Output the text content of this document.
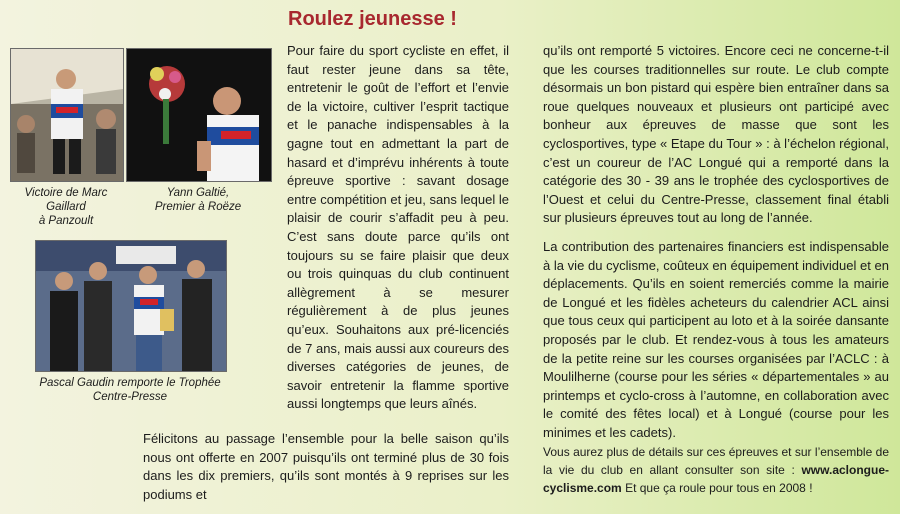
Roulez jeunesse !
Victoire de Marc Gaillard
à Panzoult
Yann Galtié,
Premier à Roëze
Pascal Gaudin remporte le Trophée
Centre-Presse

Pour faire du sport cycliste en effet, il faut rester jeune dans sa tête, entretenir le goût de l’effort et l’envie de la victoire, cultiver l’esprit tactique et le panache indispensables à la gagne tout en admettant la part de hasard et d’imprévu inhérents à toute épreuve sportive : savant dosage entre compétition et jeu, sans lequel le plaisir de courir s’affadit peu à peu. C’est sans doute parce qu’ils ont toujours su se faire plaisir que deux ou trois quinquas du club continuent allègrement à se mesurer régulièrement à de plus jeunes qu’eux. Souhaitons aux pré-licenciés de 7 ans, mais aussi aux coureurs des diverses catégories de jeunes, de savoir entretenir la flamme sportive aussi longtemps que leurs aînés.

Félicitons au passage l’ensemble pour la belle saison qu’ils nous ont offerte en 2007 puisqu’ils ont terminé plus de 30 fois dans les dix premiers, qu’ils sont montés à 9 reprises sur les podiums et

qu’ils ont remporté 5 victoires. Encore ceci ne concerne-t-il que les courses traditionnelles sur route. Le club compte désormais un bon pistard qui espère bien entraîner dans sa roue quelques nouveaux et plusieurs ont participé avec bonheur aux épreuves de masse que sont les cyclosportives, type « Etape du Tour » : à l’échelon régional, c’est un coureur de l’AC Longué qui a remporté dans la catégorie des 30 - 39 ans le trophée des cyclosportives de l’Ouest et celui du Centre-Presse, classement final établi sur plusieurs épreuves tout au long de l’année.

La contribution des partenaires financiers est indispensable à la vie du cyclisme, coûteux en équipement individuel et en déplacements. Qu’ils en soient remerciés comme la mairie de Longué et les fidèles acheteurs du calendrier ACL ainsi que tous ceux qui participent au loto et à la soirée dansante proposés par le club. Et rendez-vous à tous les amateurs de la petite reine sur les courses organisées par l’ACLC : à Moulilherne (course pour les séries « départementales » au printemps et cyclo-cross à l’automne, en collaboration avec le comité des fêtes local) et à Longué (course pour les minimes et les cadets).

Vous aurez plus de détails sur ces épreuves et sur l’ensemble de la vie du club en allant consulter son site : www.aclongue-cyclisme.com Et que ça roule pour tous en 2008 !
